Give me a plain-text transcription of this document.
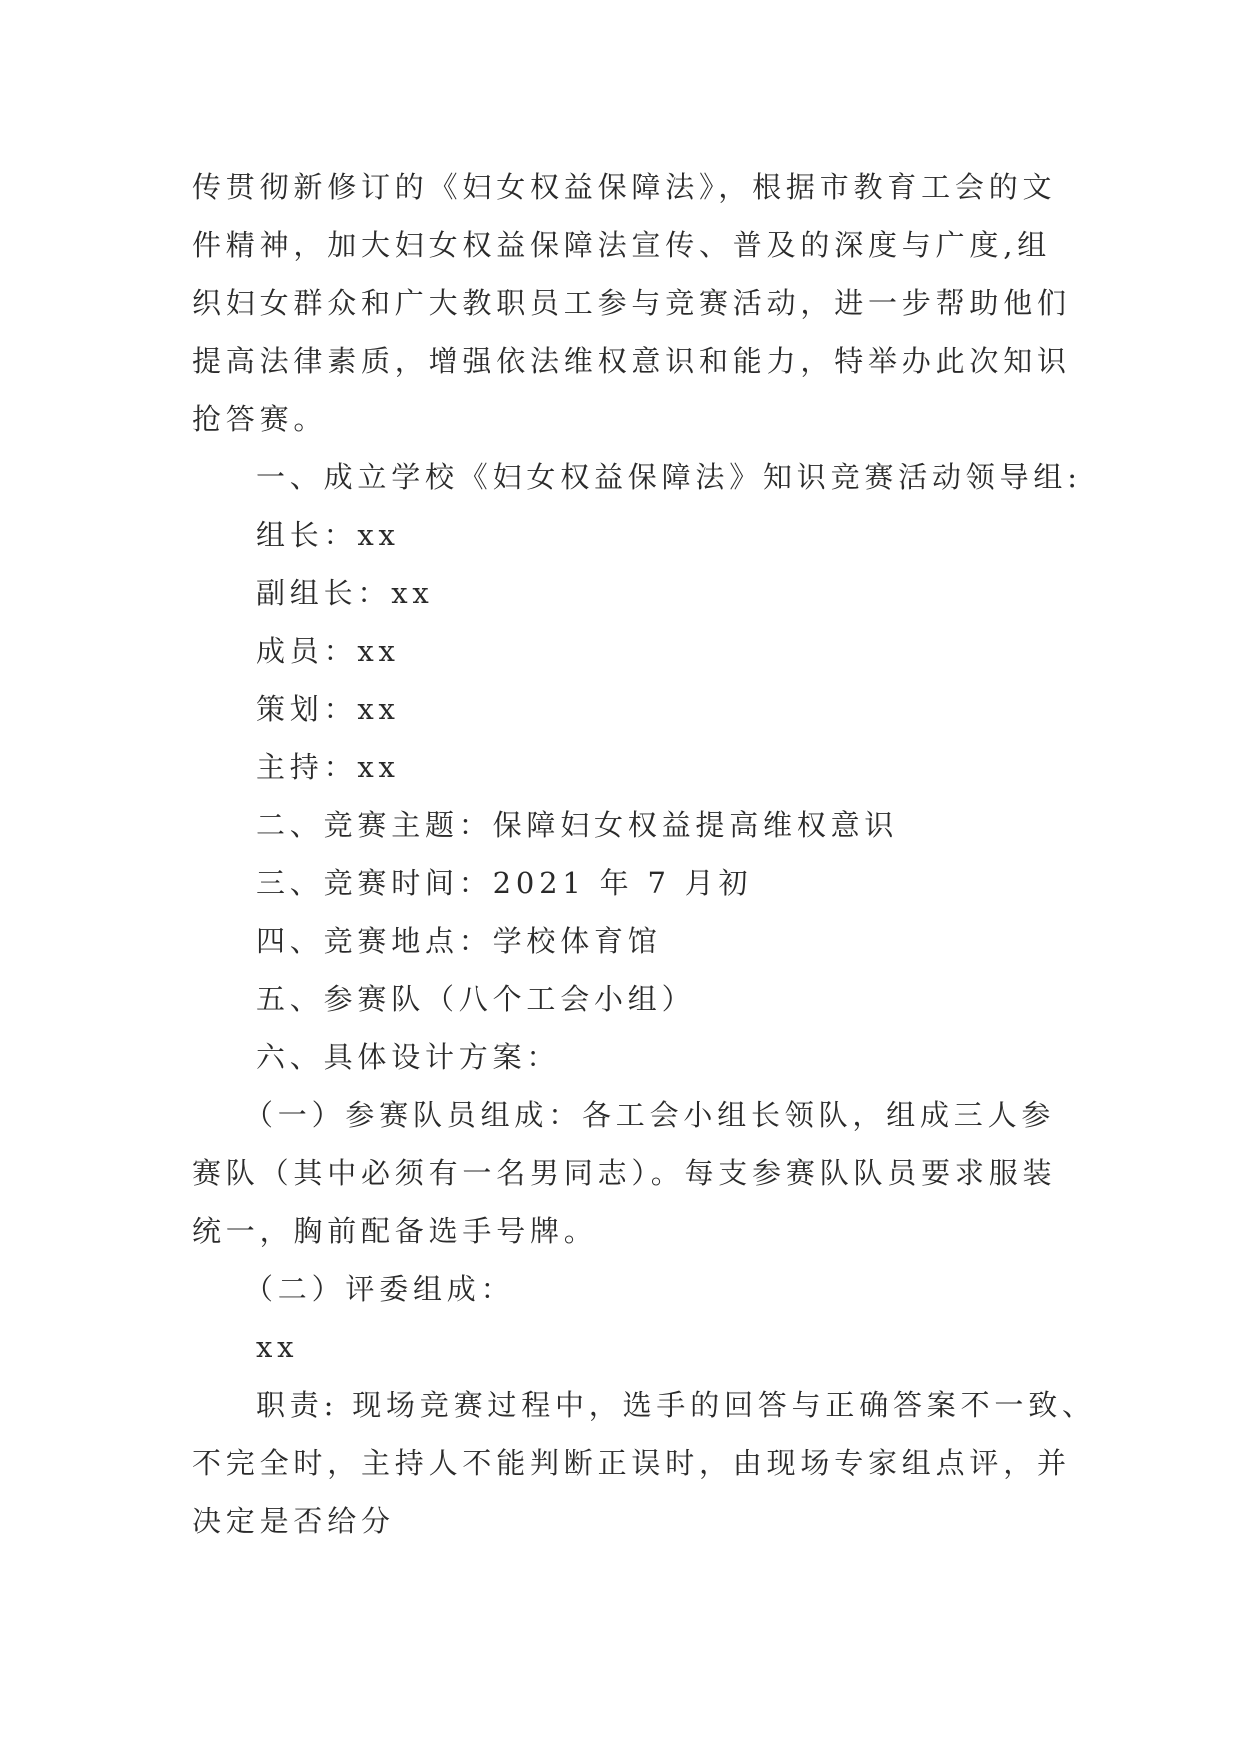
传贯彻新修订的《妇女权益保障法》，根据市教育工会的文
件精神，加大妇女权益保障法宣传、普及的深度与广度,组
织妇女群众和广大教职员工参与竞赛活动，进一步帮助他们
提高法律素质，增强依法维权意识和能力，特举办此次知识
抢答赛。
一、成立学校《妇女权益保障法》知识竞赛活动领导组:
组长：xx
副组长：xx
成员：xx
策划：xx
主持：xx
二、竞赛主题：保障妇女权益提高维权意识
三、竞赛时间：2021 年 7 月初
四、竞赛地点：学校体育馆
五、参赛队（八个工会小组）
六、具体设计方案：
（一）参赛队员组成：各工会小组长领队，组成三人参
赛队（其中必须有一名男同志）。每支参赛队队员要求服装
统一，胸前配备选手号牌。
（二）评委组成：
xx
职责: 现场竞赛过程中，选手的回答与正确答案不一致、
不完全时，主持人不能判断正误时，由现场专家组点评，并
决定是否给分
